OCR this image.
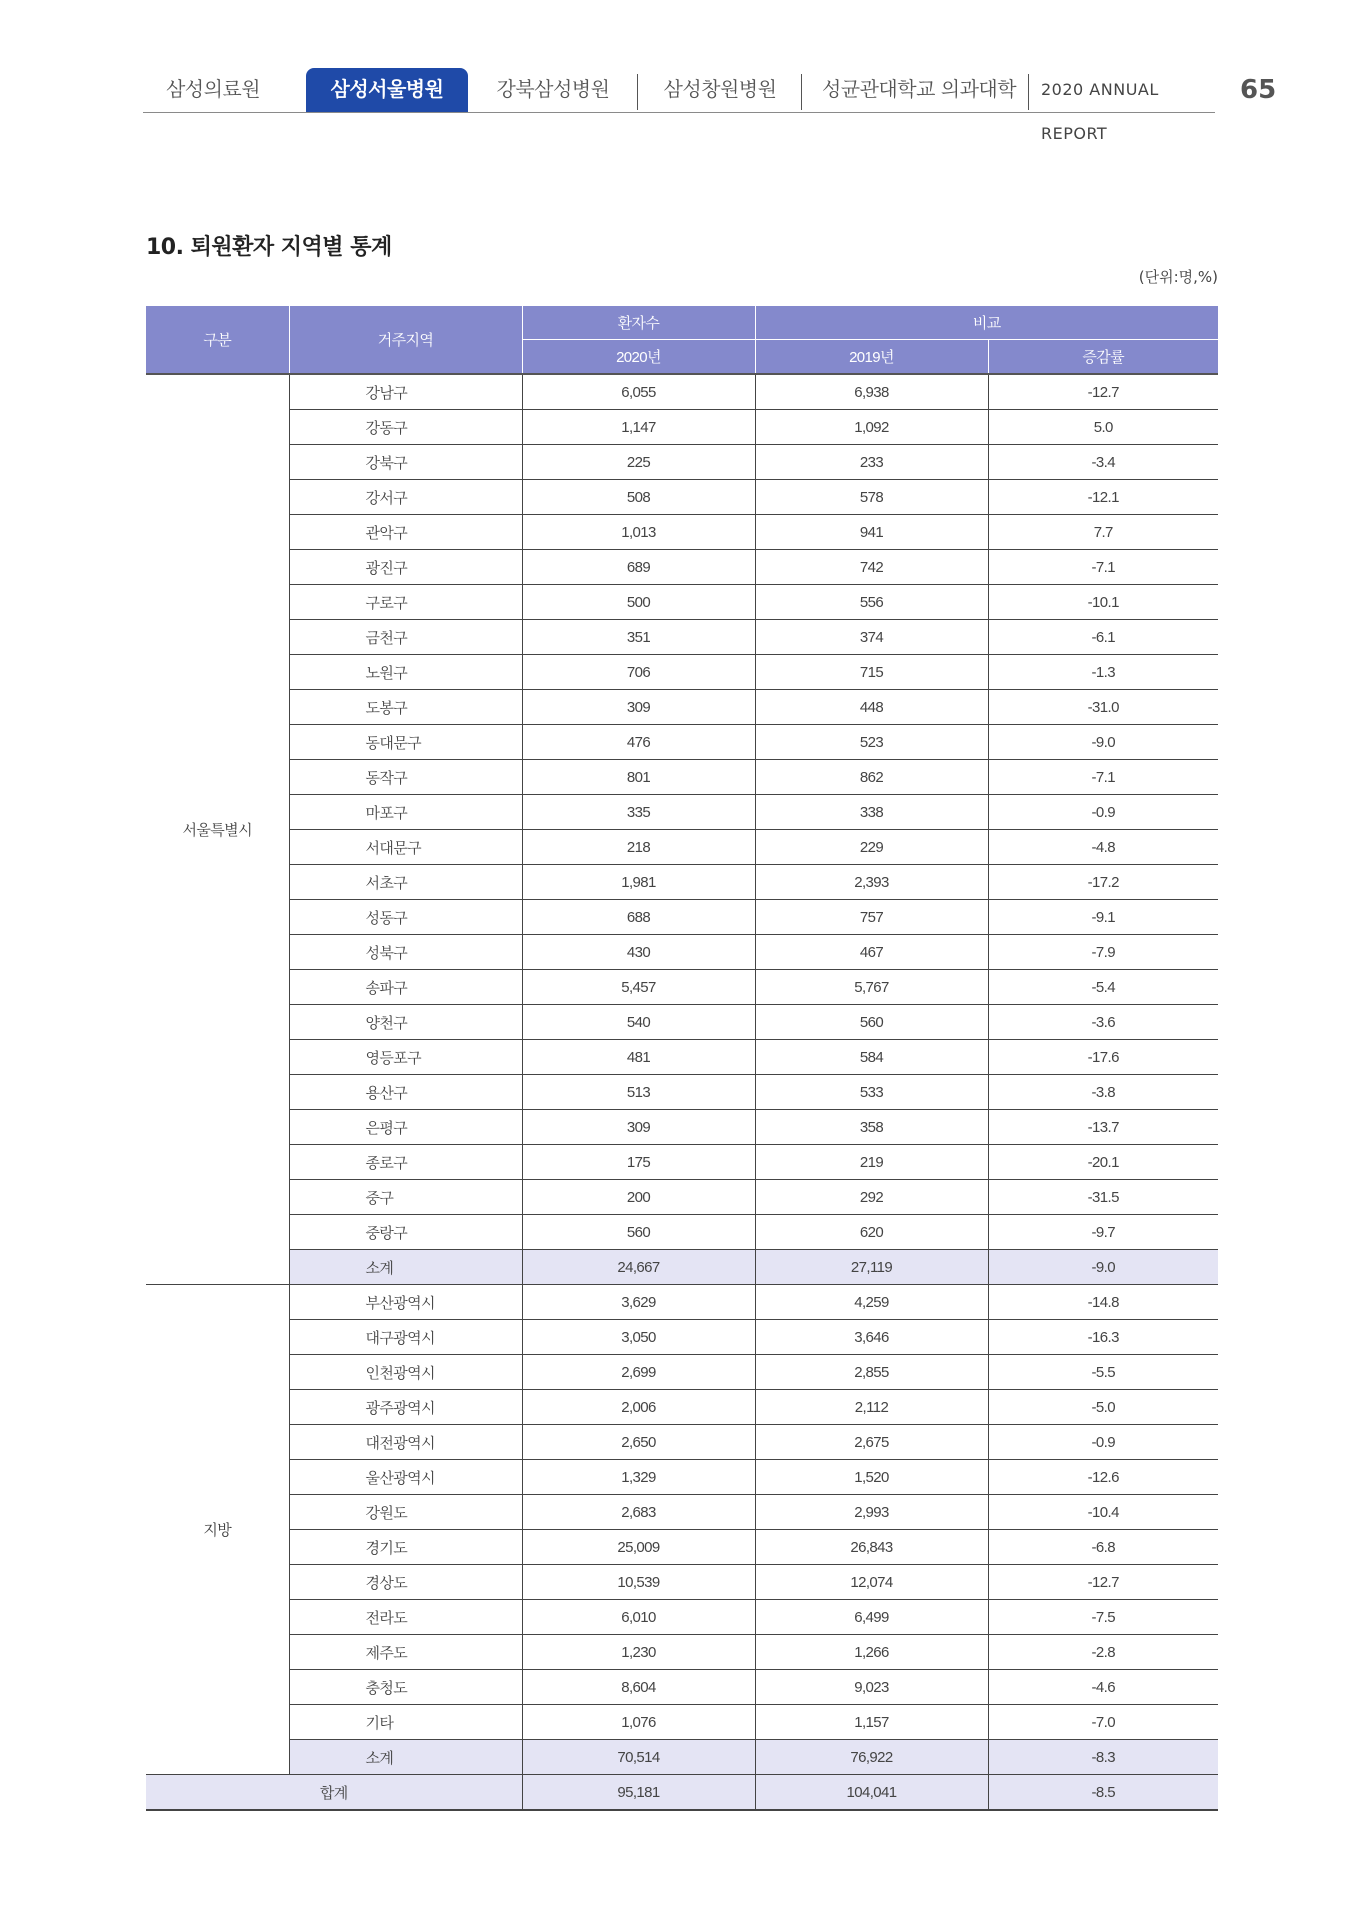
삼성의료원	삼성서울병원	강북삼성병원	삼성창원병원	성균관대학교 의과대학	2020 ANNUAL REPORT
65
10. 퇴원환자 지역별 통계
(단위:명,%)
구분	거주지역	환자수	비교	
		2020년	2019년	증감률
서울특별시	강남구	6,055	6,938	-12.7
	강동구	1,147	1,092	5.0
	강북구	225	233	-3.4
	강서구	508	578	-12.1
	관악구	1,013	941	7.7
	광진구	689	742	-7.1
	구로구	500	556	-10.1
	금천구	351	374	-6.1
	노원구	706	715	-1.3
	도봉구	309	448	-31.0
	동대문구	476	523	-9.0
	동작구	801	862	-7.1
	마포구	335	338	-0.9
	서대문구	218	229	-4.8
	서초구	1,981	2,393	-17.2
	성동구	688	757	-9.1
	성북구	430	467	-7.9
	송파구	5,457	5,767	-5.4
	양천구	540	560	-3.6
	영등포구	481	584	-17.6
	용산구	513	533	-3.8
	은평구	309	358	-13.7
	종로구	175	219	-20.1
	중구	200	292	-31.5
	중랑구	560	620	-9.7
	소계	24,667	27,119	-9.0
지방	부산광역시	3,629	4,259	-14.8
	대구광역시	3,050	3,646	-16.3
	인천광역시	2,699	2,855	-5.5
	광주광역시	2,006	2,112	-5.0
	대전광역시	2,650	2,675	-0.9
	울산광역시	1,329	1,520	-12.6
	강원도	2,683	2,993	-10.4
	경기도	25,009	26,843	-6.8
	경상도	10,539	12,074	-12.7
	전라도	6,010	6,499	-7.5
	제주도	1,230	1,266	-2.8
	충청도	8,604	9,023	-4.6
	기타	1,076	1,157	-7.0
	소계	70,514	76,922	-8.3
합계		95,181	104,041	-8.5
